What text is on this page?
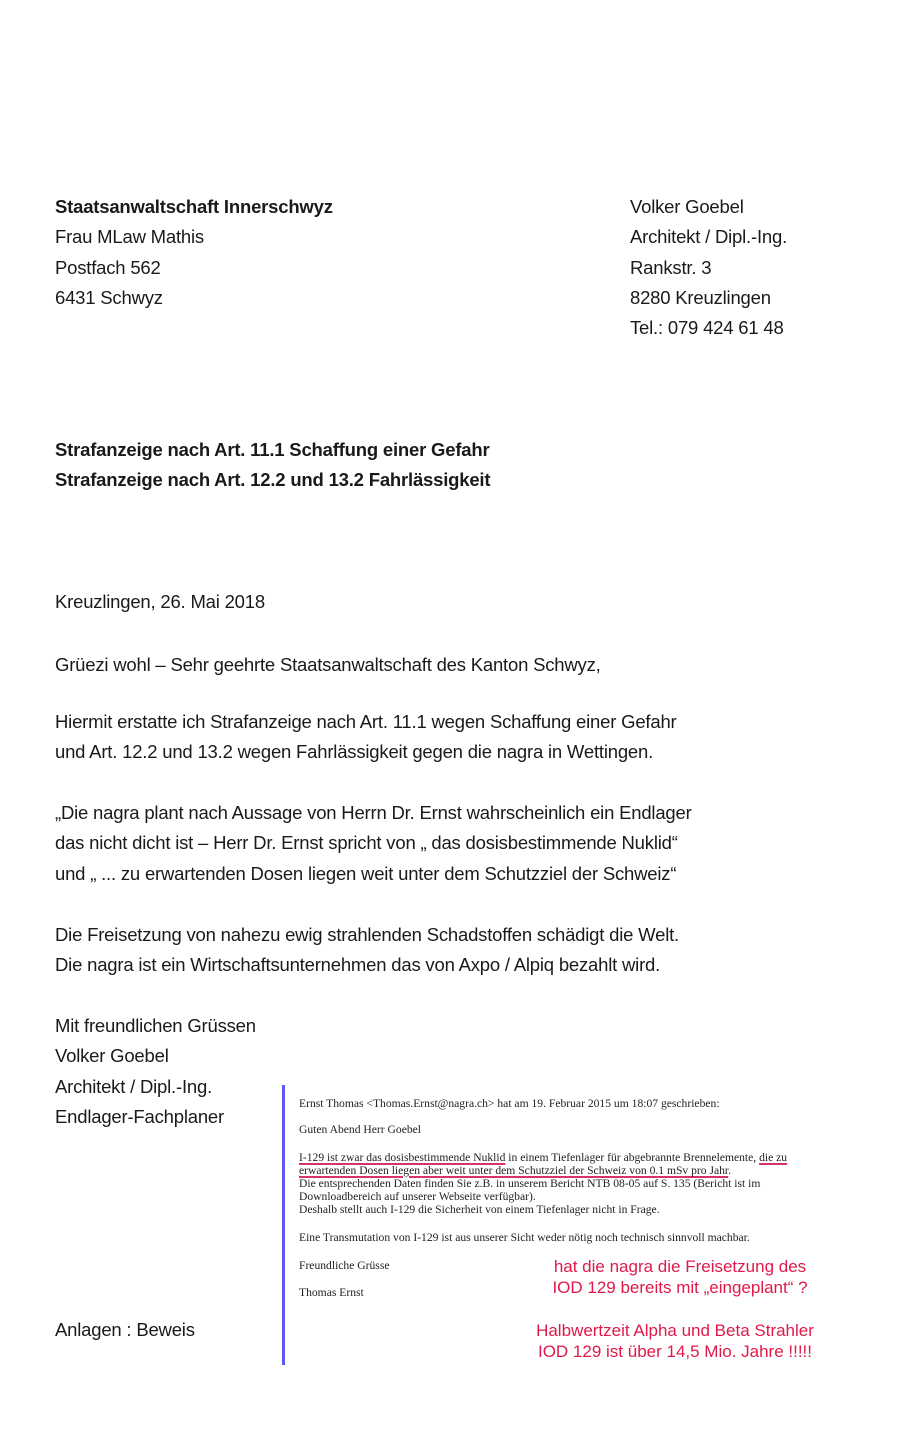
Staatsanwaltschaft Innerschwyz
Frau MLaw Mathis
Postfach 562
6431 Schwyz
Volker Goebel
Architekt / Dipl.-Ing.
Rankstr. 3
8280 Kreuzlingen
Tel.: 079 424 61 48
Strafanzeige nach Art. 11.1 Schaffung einer Gefahr
Strafanzeige nach Art. 12.2 und 13.2 Fahrlässigkeit
Kreuzlingen, 26. Mai 2018
Grüezi wohl – Sehr geehrte Staatsanwaltschaft des Kanton Schwyz,
Hiermit erstatte ich Strafanzeige nach Art. 11.1 wegen Schaffung einer Gefahr
und Art. 12.2 und 13.2 wegen Fahrlässigkeit gegen die nagra in Wettingen.
„Die nagra plant nach Aussage von Herrn Dr. Ernst wahrscheinlich ein Endlager
das nicht dicht ist – Herr Dr. Ernst spricht von „ das dosisbestimmende Nuklid“
und „ ... zu erwartenden Dosen liegen weit unter dem Schutzziel der Schweiz“
Die Freisetzung von nahezu ewig strahlenden Schadstoffen schädigt die Welt.
Die nagra ist ein Wirtschaftsunternehmen das von Axpo / Alpiq bezahlt wird.
Mit freundlichen Grüssen
Volker Goebel
Architekt / Dipl.-Ing.
Endlager-Fachplaner
Anlagen : Beweis
Ernst Thomas <Thomas.Ernst@nagra.ch> hat am 19. Februar 2015 um 18:07 geschrieben:
Guten Abend Herr Goebel
I-129 ist zwar das dosisbestimmende Nuklid in einem Tiefenlager für abgebrannte Brennelemente, die zu
erwartenden Dosen liegen aber weit unter dem Schutzziel der Schweiz von 0.1 mSv pro Jahr.
Die entsprechenden Daten finden Sie z.B. in unserem Bericht NTB 08-05 auf S. 135 (Bericht ist im
Downloadbereich auf unserer Webseite verfügbar).
Deshalb stellt auch I-129 die Sicherheit von einem Tiefenlager nicht in Frage.
Eine Transmutation von I-129 ist aus unserer Sicht weder nötig noch technisch sinnvoll machbar.
Freundliche Grüsse
Thomas Ernst
hat die nagra die Freisetzung des
IOD 129 bereits mit „eingeplant“ ?
Halbwertzeit Alpha und Beta Strahler
IOD 129 ist über 14,5 Mio. Jahre !!!!!
